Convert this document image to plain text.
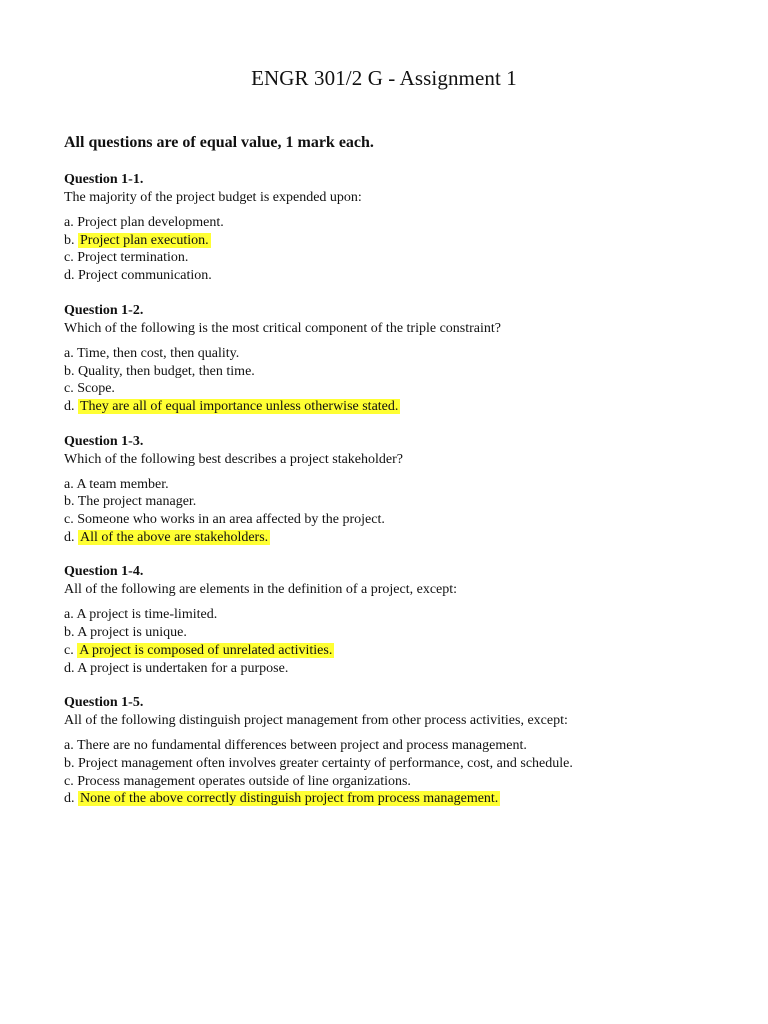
ENGR 301/2 G - Assignment 1

All questions are of equal value, 1 mark each.

Question 1-1.

The majority of the project budget is expended upon:

a. Project plan development.
b. Project plan execution.
c. Project termination.
d. Project communication.

Question 1-2.

Which of the following is the most critical component of the triple constraint?

a. Time, then cost, then quality.
b. Quality, then budget, then time.
c. Scope.
d. They are all of equal importance unless otherwise stated.

Question 1-3.

Which of the following best describes a project stakeholder?

a. A team member.
b. The project manager.
c. Someone who works in an area affected by the project.
d. All of the above are stakeholders.

Question 1-4.

All of the following are elements in the definition of a project, except:

a. A project is time-limited.
b. A project is unique.
c. A project is composed of unrelated activities.
d. A project is undertaken for a purpose.

Question 1-5.

All of the following distinguish project management from other process activities, except:

a. There are no fundamental differences between project and process management.
b. Project management often involves greater certainty of performance, cost, and schedule.
c. Process management operates outside of line organizations.
d. None of the above correctly distinguish project from process management.
